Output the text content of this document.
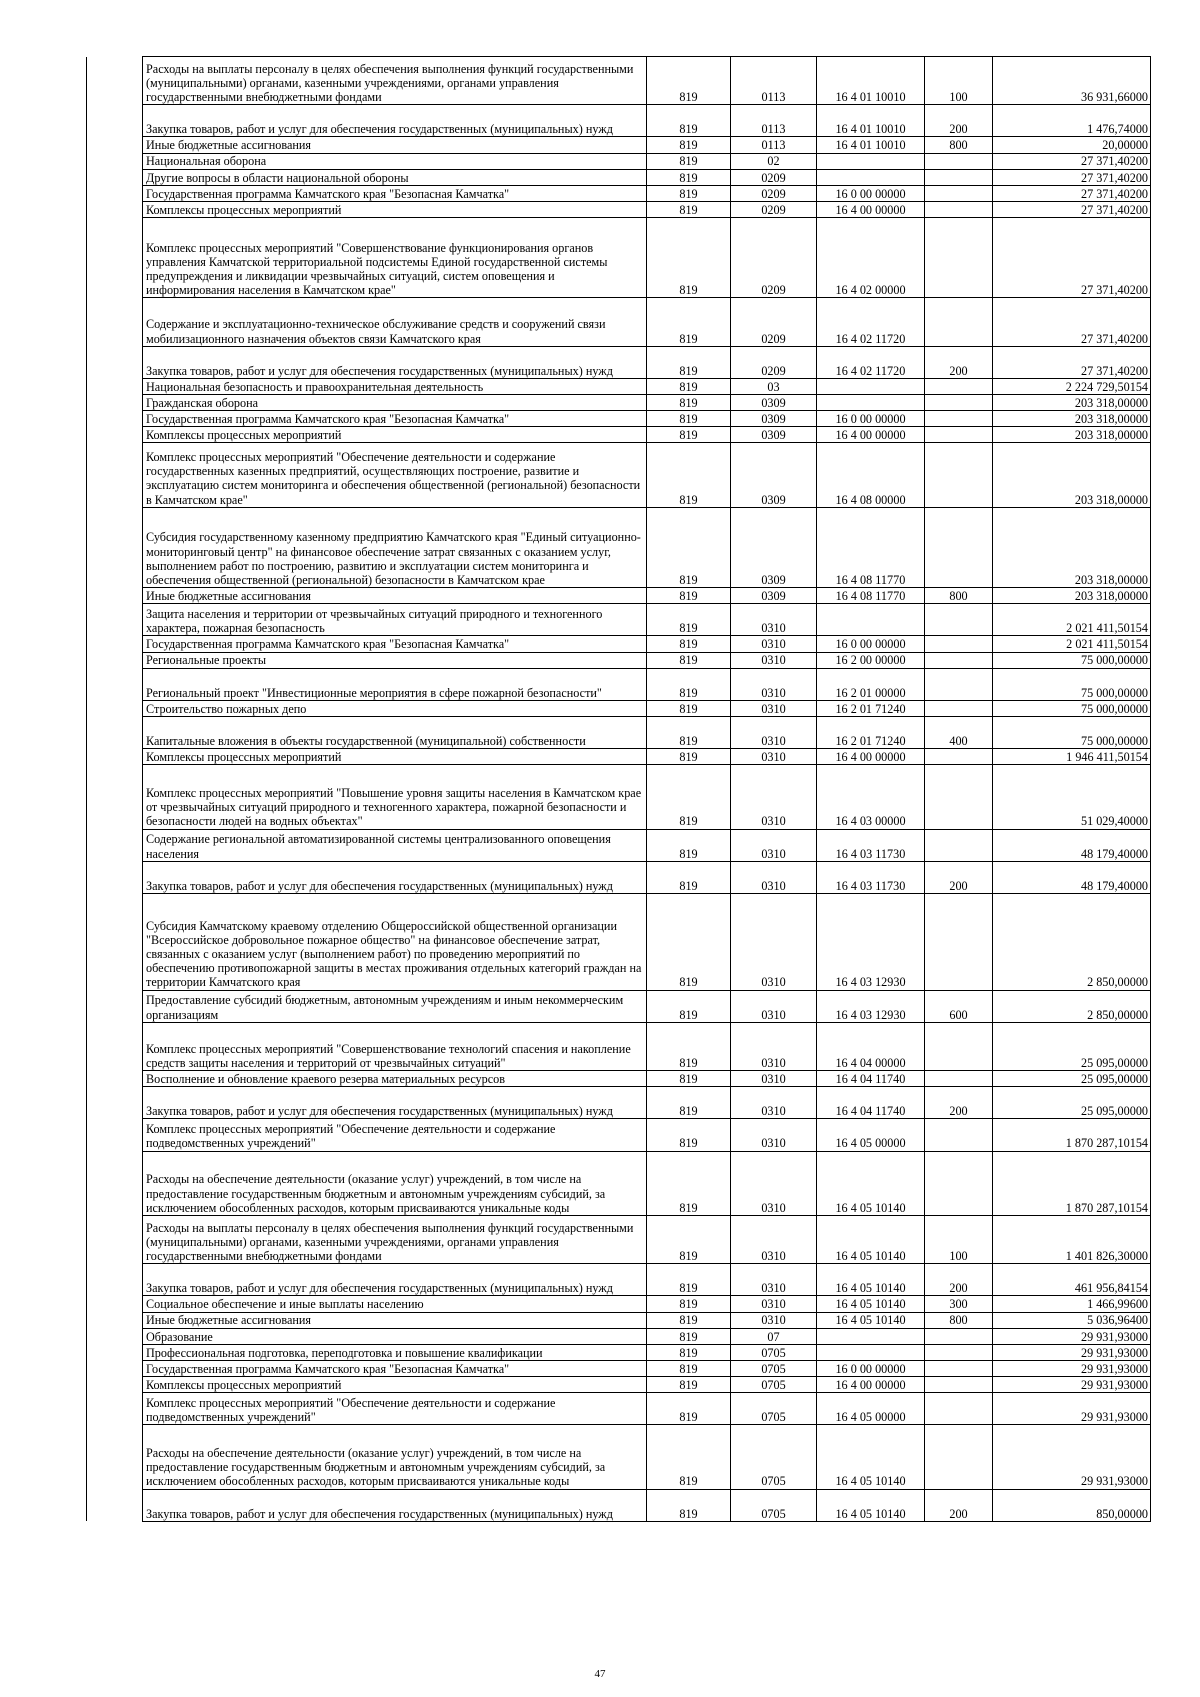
	Расходы на выплаты персоналу в целях обеспечения выполнения функций государственными (муниципальными) органами, казенными учреждениями, органами управления государственными внебюджетными фондами	819	0113	16 4 01 10010	100	36 931,66000
	Закупка товаров, работ и услуг для обеспечения государственных (муниципальных) нужд	819	0113	16 4 01 10010	200	1 476,74000
	Иные бюджетные ассигнования	819	0113	16 4 01 10010	800	20,00000
	Национальная оборона	819	02			27 371,40200
	Другие вопросы в области национальной обороны	819	0209			27 371,40200
	Государственная программа Камчатского края "Безопасная Камчатка"	819	0209	16 0 00 00000		27 371,40200
	Комплексы процессных мероприятий	819	0209	16 4 00 00000		27 371,40200
	Комплекс процессных мероприятий "Совершенствование функционирования органов управления Камчатской территориальной подсистемы Единой государственной системы предупреждения и ликвидации чрезвычайных ситуаций, систем оповещения и информирования населения в Камчатском крае"	819	0209	16 4 02 00000		27 371,40200
	Содержание и эксплуатационно-техническое обслуживание средств и сооружений связи мобилизационного назначения объектов связи Камчатского края	819	0209	16 4 02 11720		27 371,40200
	Закупка товаров, работ и услуг для обеспечения государственных (муниципальных) нужд	819	0209	16 4 02 11720	200	27 371,40200
	Национальная безопасность и правоохранительная деятельность	819	03			2 224 729,50154
	Гражданская оборона	819	0309			203 318,00000
	Государственная программа Камчатского края "Безопасная Камчатка"	819	0309	16 0 00 00000		203 318,00000
	Комплексы процессных мероприятий	819	0309	16 4 00 00000		203 318,00000
	Комплекс процессных мероприятий "Обеспечение деятельности и содержание государственных казенных предприятий, осуществляющих построение, развитие и эксплуатацию систем мониторинга и обеспечения общественной (региональной) безопасности в Камчатском крае"	819	0309	16 4 08 00000		203 318,00000
	Субсидия государственному казенному предприятию Камчатского края "Единый ситуационно-мониторинговый центр" на финансовое обеспечение затрат связанных с оказанием услуг, выполнением работ по построению, развитию и эксплуатации систем мониторинга и обеспечения общественной (региональной) безопасности в Камчатском крае	819	0309	16 4 08 11770		203 318,00000
	Иные бюджетные ассигнования	819	0309	16 4 08 11770	800	203 318,00000
	Защита населения и территории от чрезвычайных ситуаций природного и техногенного характера, пожарная безопасность	819	0310			2 021 411,50154
	Государственная программа Камчатского края "Безопасная Камчатка"	819	0310	16 0 00 00000		2 021 411,50154
	Региональные проекты	819	0310	16 2 00 00000		75 000,00000
	Региональный проект "Инвестиционные мероприятия в сфере пожарной безопасности"	819	0310	16 2 01 00000		75 000,00000
	Строительство пожарных депо	819	0310	16 2 01 71240		75 000,00000
	Капитальные вложения в объекты государственной (муниципальной) собственности	819	0310	16 2 01 71240	400	75 000,00000
	Комплексы процессных мероприятий	819	0310	16 4 00 00000		1 946 411,50154
	Комплекс процессных мероприятий "Повышение уровня защиты населения в Камчатском крае от чрезвычайных ситуаций природного и техногенного характера, пожарной безопасности и безопасности людей на водных объектах"	819	0310	16 4 03 00000		51 029,40000
	Содержание региональной автоматизированной системы централизованного оповещения населения	819	0310	16 4 03 11730		48 179,40000
	Закупка товаров, работ и услуг для обеспечения государственных (муниципальных) нужд	819	0310	16 4 03 11730	200	48 179,40000
	Субсидия Камчатскому краевому отделению Общероссийской общественной организации "Всероссийское добровольное пожарное общество" на финансовое обеспечение затрат, связанных с оказанием услуг (выполнением работ) по проведению мероприятий по обеспечению противопожарной защиты в местах проживания отдельных категорий граждан на территории Камчатского края	819	0310	16 4 03 12930		2 850,00000
	Предоставление субсидий бюджетным, автономным учреждениям и иным некоммерческим организациям	819	0310	16 4 03 12930	600	2 850,00000
	Комплекс процессных мероприятий "Совершенствование технологий спасения и накопление средств защиты населения и территорий от чрезвычайных ситуаций"	819	0310	16 4 04 00000		25 095,00000
	Восполнение и обновление краевого резерва материальных ресурсов	819	0310	16 4 04 11740		25 095,00000
	Закупка товаров, работ и услуг для обеспечения государственных (муниципальных) нужд	819	0310	16 4 04 11740	200	25 095,00000
	Комплекс процессных мероприятий "Обеспечение деятельности и содержание подведомственных учреждений"	819	0310	16 4 05 00000		1 870 287,10154
	Расходы на обеспечение деятельности (оказание услуг) учреждений, в том числе на предоставление государственным бюджетным и автономным учреждениям субсидий, за исключением обособленных расходов, которым присваиваются уникальные коды	819	0310	16 4 05 10140		1 870 287,10154
	Расходы на выплаты персоналу в целях обеспечения выполнения функций государственными (муниципальными) органами, казенными учреждениями, органами управления государственными внебюджетными фондами	819	0310	16 4 05 10140	100	1 401 826,30000
	Закупка товаров, работ и услуг для обеспечения государственных (муниципальных) нужд	819	0310	16 4 05 10140	200	461 956,84154
	Социальное обеспечение и иные выплаты населению	819	0310	16 4 05 10140	300	1 466,99600
	Иные бюджетные ассигнования	819	0310	16 4 05 10140	800	5 036,96400
	Образование	819	07			29 931,93000
	Профессиональная подготовка, переподготовка и повышение квалификации	819	0705			29 931,93000
	Государственная программа Камчатского края "Безопасная Камчатка"	819	0705	16 0 00 00000		29 931,93000
	Комплексы процессных мероприятий	819	0705	16 4 00 00000		29 931,93000
	Комплекс процессных мероприятий "Обеспечение деятельности и содержание подведомственных учреждений"	819	0705	16 4 05 00000		29 931,93000
	Расходы на обеспечение деятельности (оказание услуг) учреждений, в том числе на предоставление государственным бюджетным и автономным учреждениям субсидий, за исключением обособленных расходов, которым присваиваются уникальные коды	819	0705	16 4 05 10140		29 931,93000
	Закупка товаров, работ и услуг для обеспечения государственных (муниципальных) нужд	819	0705	16 4 05 10140	200	850,00000
47
